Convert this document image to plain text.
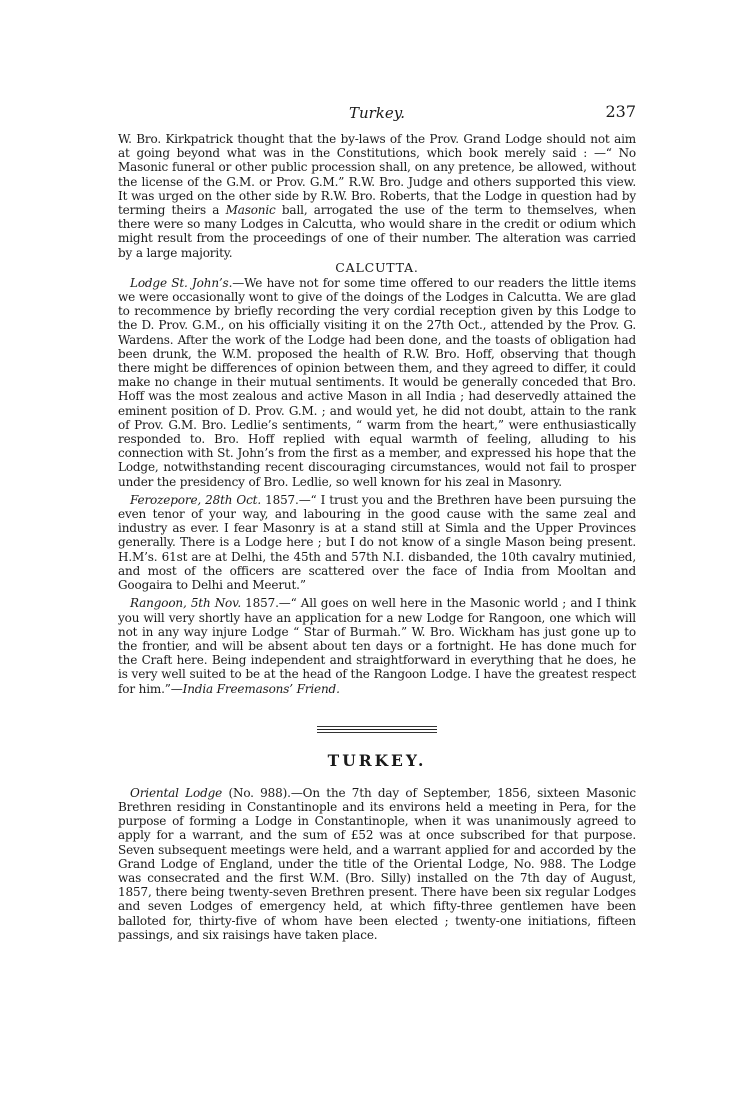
Turkey.	237

W. Bro. Kirkpatrick thought that the by-laws of the Prov. Grand Lodge should not aim at going beyond what was in the Constitutions, which book merely said : —“ No Masonic funeral or other public procession shall, on any pretence, be allowed, without the license of the G.M. or Prov. G.M.” R.W. Bro. Judge and others supported this view. It was urged on the other side by R.W. Bro. Roberts, that the Lodge in question had by terming theirs a Masonic ball, arrogated the use of the term to themselves, when there were so many Lodges in Calcutta, who would share in the credit or odium which might result from the proceedings of one of their number. The alteration was carried by a large majority.

CALCUTTA.

Lodge St. John’s.—We have not for some time offered to our readers the little items we were occasionally wont to give of the doings of the Lodges in Calcutta. We are glad to recommence by briefly recording the very cordial reception given by this Lodge to the D. Prov. G.M., on his officially visiting it on the 27th Oct., attended by the Prov. G. Wardens. After the work of the Lodge had been done, and the toasts of obligation had been drunk, the W.M. proposed the health of R.W. Bro. Hoff, observing that though there might be differences of opinion between them, and they agreed to differ, it could make no change in their mutual sentiments. It would be generally conceded that Bro. Hoff was the most zealous and active Mason in all India ; had deservedly attained the eminent position of D. Prov. G.M. ; and would yet, he did not doubt, attain to the rank of Prov. G.M. Bro. Ledlie’s sentiments, “ warm from the heart,” were enthusiastically responded to. Bro. Hoff replied with equal warmth of feeling, alluding to his connection with St. John’s from the first as a member, and expressed his hope that the Lodge, notwithstanding recent discouraging circumstances, would not fail to prosper under the presidency of Bro. Ledlie, so well known for his zeal in Masonry.

Ferozepore, 28th Oct. 1857.—“ I trust you and the Brethren have been pursuing the even tenor of your way, and labouring in the good cause with the same zeal and industry as ever. I fear Masonry is at a stand still at Simla and the Upper Provinces generally. There is a Lodge here ; but I do not know of a single Mason being present. H.M’s. 61st are at Delhi, the 45th and 57th N.I. disbanded, the 10th cavalry mutinied, and most of the officers are scattered over the face of India from Mooltan and Googaira to Delhi and Meerut.”

Rangoon, 5th Nov. 1857.—“ All goes on well here in the Masonic world ; and I think you will very shortly have an application for a new Lodge for Rangoon, one which will not in any way injure Lodge “ Star of Burmah.” W. Bro. Wickham has just gone up to the frontier, and will be absent about ten days or a fortnight. He has done much for the Craft here. Being independent and straightforward in everything that he does, he is very well suited to be at the head of the Rangoon Lodge. I have the greatest respect for him.”—India Freemasons’ Friend.

TURKEY.

Oriental Lodge (No. 988).—On the 7th day of September, 1856, sixteen Masonic Brethren residing in Constantinople and its environs held a meeting in Pera, for the purpose of forming a Lodge in Constantinople, when it was unanimously agreed to apply for a warrant, and the sum of £52 was at once subscribed for that purpose. Seven subsequent meetings were held, and a warrant applied for and accorded by the Grand Lodge of England, under the title of the Oriental Lodge, No. 988. The Lodge was consecrated and the first W.M. (Bro. Silly) installed on the 7th day of August, 1857, there being twenty-seven Brethren present. There have been six regular Lodges and seven Lodges of emergency held, at which fifty-three gentlemen have been balloted for, thirty-five of whom have been elected ; twenty-one initiations, fifteen passings, and six raisings have taken place.
